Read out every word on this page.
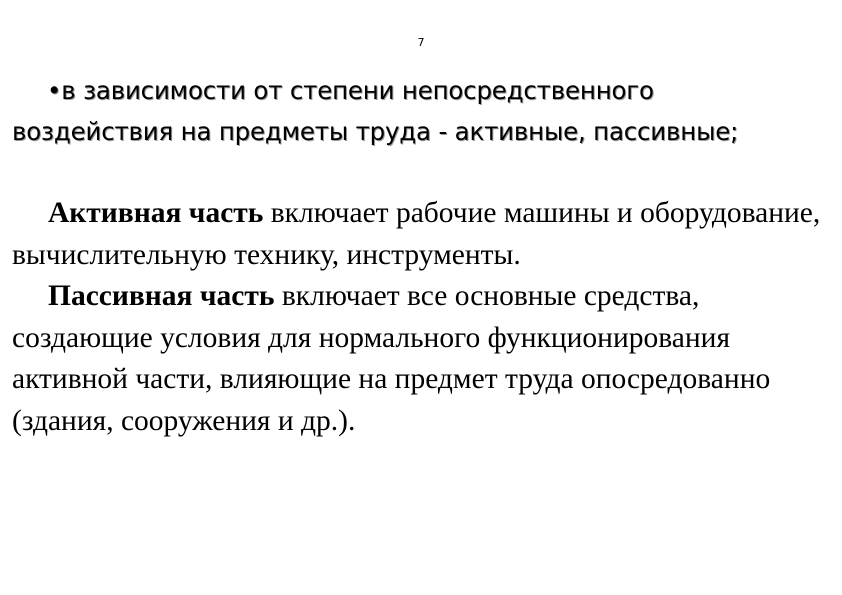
7
•в зависимости от степени непосредственного воздействия на предметы труда - активные, пассивные;

Активная часть включает рабочие машины и оборудование, вычислительную технику, инструменты.

Пассивная часть включает все основные средства, создающие условия для нормального функционирования активной части, влияющие на предмет труда опосредованно (здания, сооружения и др.).
